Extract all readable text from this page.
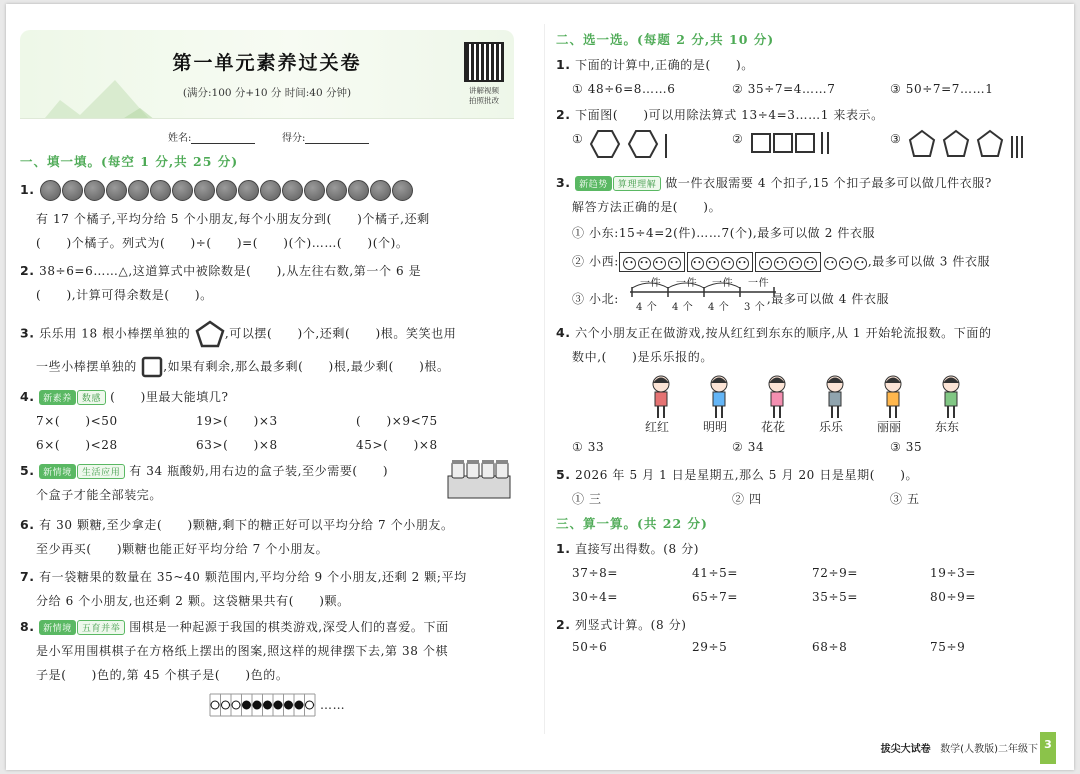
第一单元素养过关卷
(满分:100 分+10 分 时间:40 分钟)	讲解视频
拍照批改
姓名:	得分:
一、填一填。(每空 1 分,共 25 分)
1.
有 17 个橘子,平均分给 5 个小朋友,每个小朋友分到(　　)个橘子,还剩
(　　)个橘子。列式为(　　)÷(　　)=(　　)(个)……(　　)(个)。
2. 38÷6=6……△,这道算式中被除数是(　　),从左往右数,第一个 6 是
(　　),计算可得余数是(　　)。
3. 乐乐用 18 根小棒摆单独的	,可以摆(　　)个,还剩(　　)根。笑笑也用
一些小棒摆单独的 ,如果有剩余,那么最多剩(　　)根,最少剩(　　)根。
4. 新素养 数感 (　　)里最大能填几?
7×(　　)<50	19>(　　)×3	(　　)×9<75
6×(　　)<28	63>(　　)×8	45>(　　)×8
5. 新情境 生活应用 有 34 瓶酸奶,用右边的盒子装,至少需要(　　)
个盒子才能全部装完。
6. 有 30 颗糖,至少拿走(　　)颗糖,剩下的糖正好可以平均分给 7 个小朋友。
至少再买(　　)颗糖也能正好平均分给 7 个小朋友。
7. 有一袋糖果的数量在 35~40 颗范围内,平均分给 9 个小朋友,还剩 2 颗;平均
分给 6 个小朋友,也还剩 2 颗。这袋糖果共有(　　)颗。
8. 新情境 五育并举 围棋是一种起源于我国的棋类游戏,深受人们的喜爱。下面
是小军用围棋棋子在方格纸上摆出的图案,照这样的规律摆下去,第 38 个棋
子是(　　)色的,第 45 个棋子是(　　)色的。
……
二、选一选。(每题 2 分,共 10 分)
1. 下面的计算中,正确的是(　　)。
① 48÷6=8……6	② 35÷7=4……7	③ 50÷7=7……1
2. 下面图(　　)可以用除法算式 13÷4=3……1 来表示。
①	②	③
3. 新趋势 算理理解 做一件衣服需要 4 个扣子,15 个扣子最多可以做几件衣服?
解答方法正确的是(　　)。
① 小东:15÷4=2(件)……7(个),最多可以做 2 件衣服
② 小西: •• •• •• •• •• •• •• •• •• •• •• •• •• •• •• ,最多可以做 3 件衣服
③ 小北:	,最多可以做 4 件衣服
一件 一件 一件 一件
4 个 4 个 4 个 3 个
4. 六个小朋友正在做游戏,按从红红到东东的顺序,从 1 开始轮流报数。下面的
数中,(　　)是乐乐报的。
红红	明明	花花	乐乐	丽丽	东东
① 33	② 34	③ 35
5. 2026 年 5 月 1 日是星期五,那么 5 月 20 日是星期(　　)。
① 三	② 四	③ 五
三、算一算。(共 22 分)
1. 直接写出得数。(8 分)
37÷8=	41÷5=	72÷9=	19÷3=
30÷4=	65÷7=	35÷5=	80÷9=
2. 列竖式计算。(8 分)
50÷6	29÷5	68÷8	75÷9
拔尖大试卷 数学(人教版)二年级下 3
